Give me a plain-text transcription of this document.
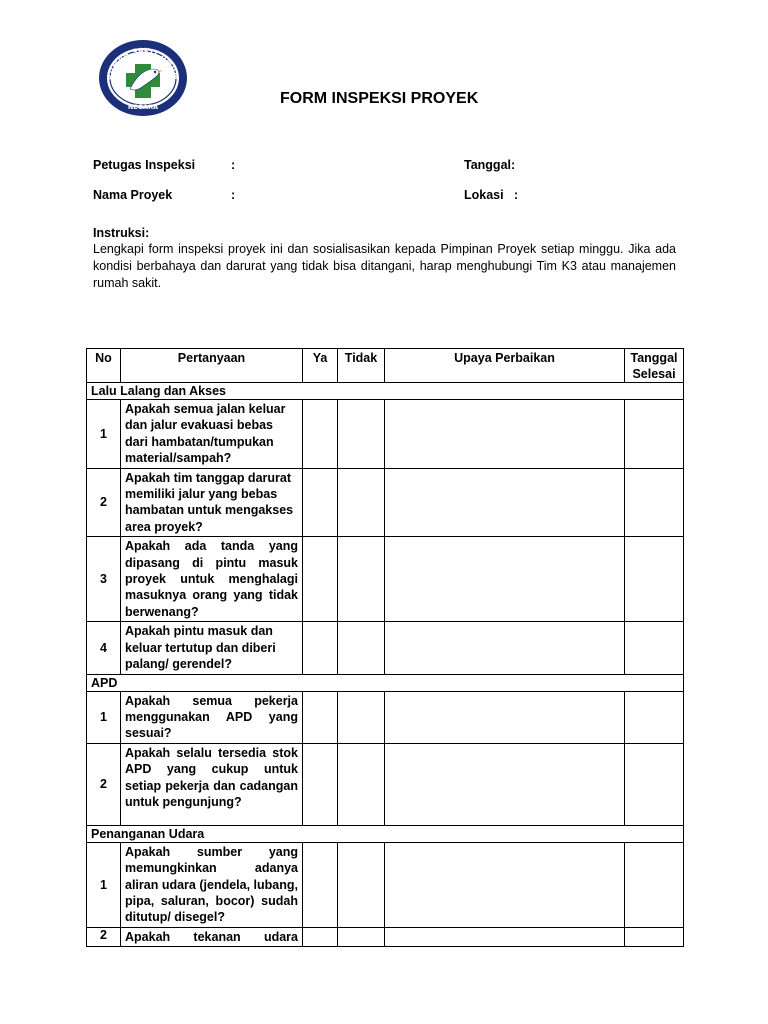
RUMAH SAKIT UMUM
NEGARA	FORM INSPEKSI PROYEK
Petugas Inspeksi	:	Tanggal:
Nama Proyek	:	Lokasi   :
Instruksi:
Lengkapi form inspeksi proyek ini dan sosialisasikan kepada Pimpinan Proyek setiap minggu. Jika ada kondisi berbahaya dan darurat yang tidak bisa ditangani, harap menghubungi Tim K3 atau manajemen rumah sakit.
No	Pertanyaan	Ya	Tidak	Upaya Perbaikan	Tanggal Selesai
Lalu Lalang dan Akses					
1	Apakah semua jalan keluar dan jalur evakuasi bebas dari hambatan/tumpukan material/sampah?				
2	Apakah tim tanggap darurat memiliki jalur yang bebas hambatan untuk mengakses area proyek?				
3	Apakah ada tanda yang dipasang di pintu masuk proyek untuk menghalagi masuknya orang yang tidak berwenang?				
4	Apakah pintu masuk dan keluar tertutup dan diberi palang/ gerendel?				
APD					
1	Apakah semua pekerja menggunakan APD yang sesuai?				
2	Apakah selalu tersedia stok APD yang cukup untuk setiap pekerja dan cadangan untuk pengunjung?				
Penanganan Udara					
1	Apakah sumber yang memungkinkan adanya aliran udara (jendela, lubang, pipa, saluran, bocor) sudah ditutup/ disegel?				
2	Apakah tekanan udara				
